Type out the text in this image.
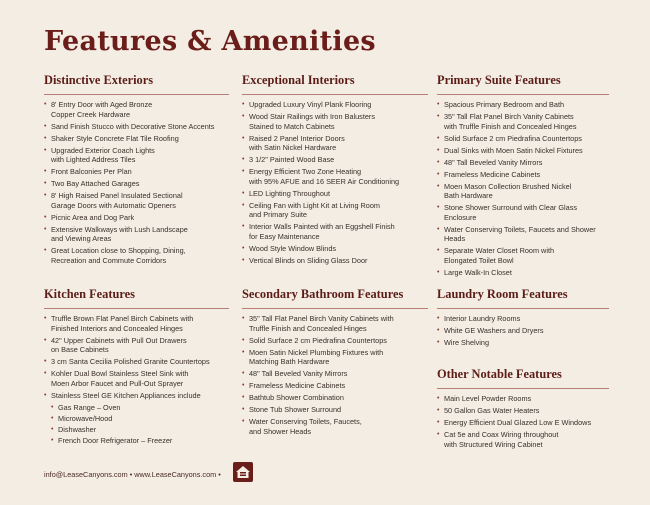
Features & Amenities
Distinctive Exteriors
• 8' Entry Door with Aged Bronze
Copper Creek Hardware
• Sand Finish Stucco with Decorative Stone Accents
• Shaker Style Concrete Flat Tile Roofing
• Upgraded Exterior Coach Lights
with Lighted Address Tiles
• Front Balconies Per Plan
• Two Bay Attached Garages
• 8' High Raised Panel Insulated Sectional
Garage Doors with Automatic Openers
• Picnic Area and Dog Park
• Extensive Walkways with Lush Landscape
and Viewing Areas
• Great Location close to Shopping, Dining,
Recreation and Commute Corridors
Exceptional Interiors
• Upgraded Luxury Vinyl Plank Flooring
• Wood Stair Railings with Iron Balusters
Stained to Match Cabinets
• Raised 2 Panel Interior Doors
with Satin Nickel Hardware
• 3 1/2" Painted Wood Base
• Energy Efficient Two Zone Heating
with 95% AFUE and 16 SEER Air Conditioning
• LED Lighting Throughout
• Ceiling Fan with Light Kit at Living Room
and Primary Suite
• Interior Walls Painted with an Eggshell Finish
for Easy Maintenance
• Wood Style Window Blinds
• Vertical Blinds on Sliding Glass Door
Primary Suite Features
• Spacious Primary Bedroom and Bath
• 35" Tall Flat Panel Birch Vanity Cabinets
with Truffle Finish and Concealed Hinges
• Solid Surface 2 cm Piedrafina Countertops
• Dual Sinks with Moen Satin Nickel Fixtures
• 48" Tall Beveled Vanity Mirrors
• Frameless Medicine Cabinets
• Moen Mason Collection Brushed Nickel
Bath Hardware
• Stone Shower Surround with Clear Glass Enclosure
• Water Conserving Toilets, Faucets and Shower Heads
• Separate Water Closet Room with
Elongated Toilet Bowl
• Large Walk-In Closet
Kitchen Features
• Truffle Brown Flat Panel Birch Cabinets with
Finished Interiors and Concealed Hinges
• 42" Upper Cabinets with Pull Out Drawers
on Base Cabinets
• 3 cm Santa Cecilia Polished Granite Countertops
• Kohler Dual Bowl Stainless Steel Sink with
Moen Arbor Faucet and Pull-Out Sprayer
• Stainless Steel GE Kitchen Appliances include
• Gas Range – Oven
• Microwave/Hood
• Dishwasher
• French Door Refrigerator – Freezer
Secondary Bathroom Features
• 35" Tall Flat Panel Birch Vanity Cabinets with
Truffle Finish and Concealed Hinges
• Solid Surface 2 cm Piedrafina Countertops
• Moen Satin Nickel Plumbing Fixtures with
Matching Bath Hardware
• 48" Tall Beveled Vanity Mirrors
• Frameless Medicine Cabinets
• Bathtub Shower Combination
• Stone Tub Shower Surround
• Water Conserving Toilets, Faucets,
and Shower Heads
Laundry Room Features
• Interior Laundry Rooms
• White GE Washers and Dryers
• Wire Shelving
Other Notable Features
• Main Level Powder Rooms
• 50 Gallon Gas Water Heaters
• Energy Efficient Dual Glazed Low E Windows
• Cat 5e and Coax Wiring throughout
with Structured Wiring Cabinet
info@LeaseCanyons.com • www.LeaseCanyons.com •
